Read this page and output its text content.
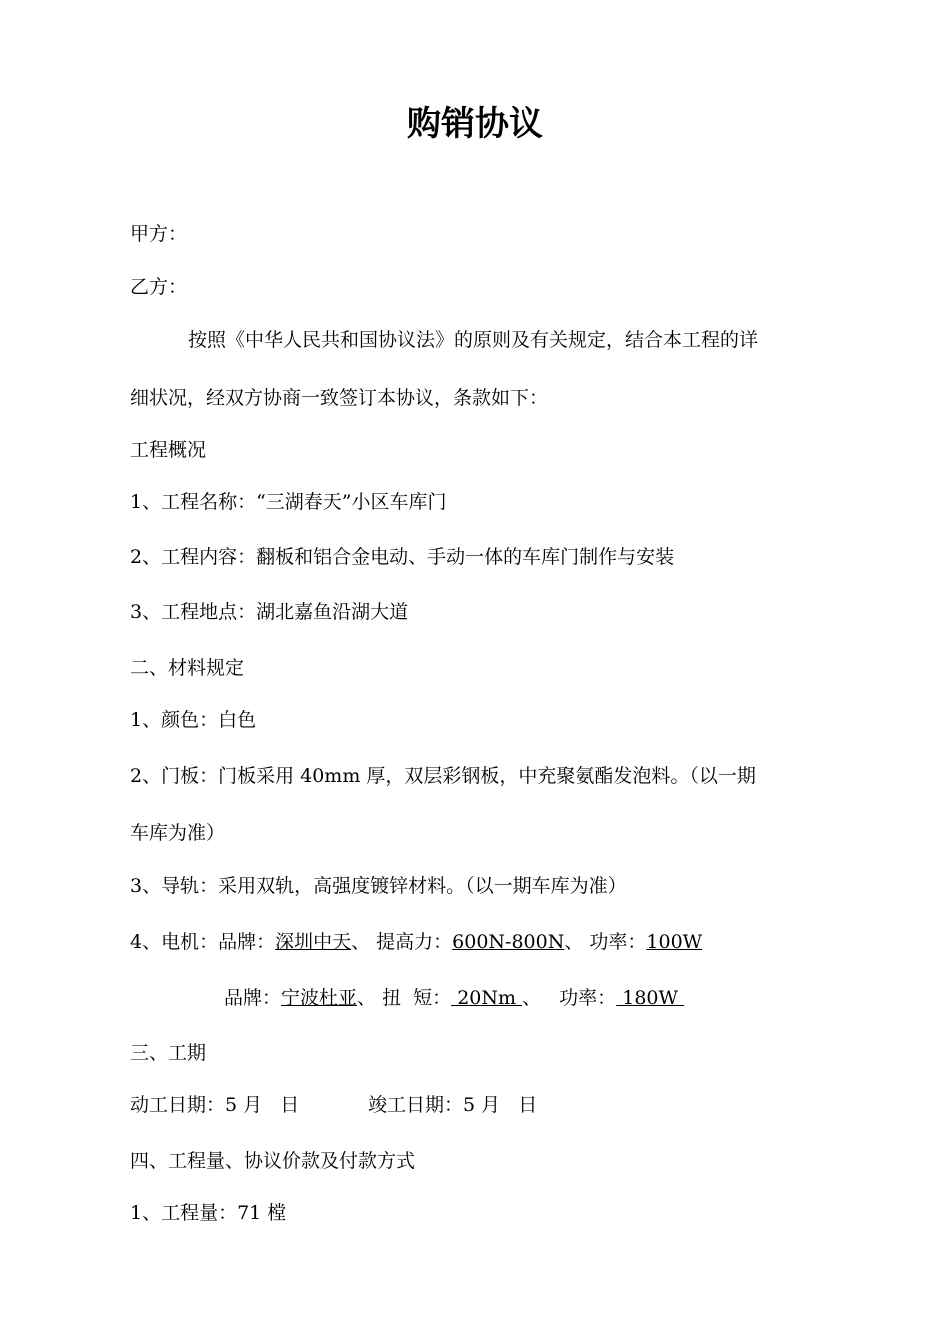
购销协议
甲方：
乙方：
按照《中华人民共和国协议法》的原则及有关规定，结合本工程的详
细状况，经双方协商一致签订本协议，条款如下：
工程概况
1、工程名称：“三湖春天”小区车库门
2、工程内容：翻板和铝合金电动、手动一体的车库门制作与安装
3、工程地点：湖北嘉鱼沿湖大道
二、材料规定
1、颜色：白色
2、门板：门板采用 40mm 厚，双层彩钢板，中充聚氨酯发泡料。（以一期
车库为准）
3、导轨：采用双轨，高强度镀锌材料。（以一期车库为准）
4、电机：品牌：深圳中天、 提高力：600N-800N、 功率：100W
品牌：宁波杜亚、 扭  短： 20Nm 、   功率： 180W
三、工期
动工日期：5 月   日	竣工日期：5 月   日
四、工程量、协议价款及付款方式
1、工程量：71 樘
